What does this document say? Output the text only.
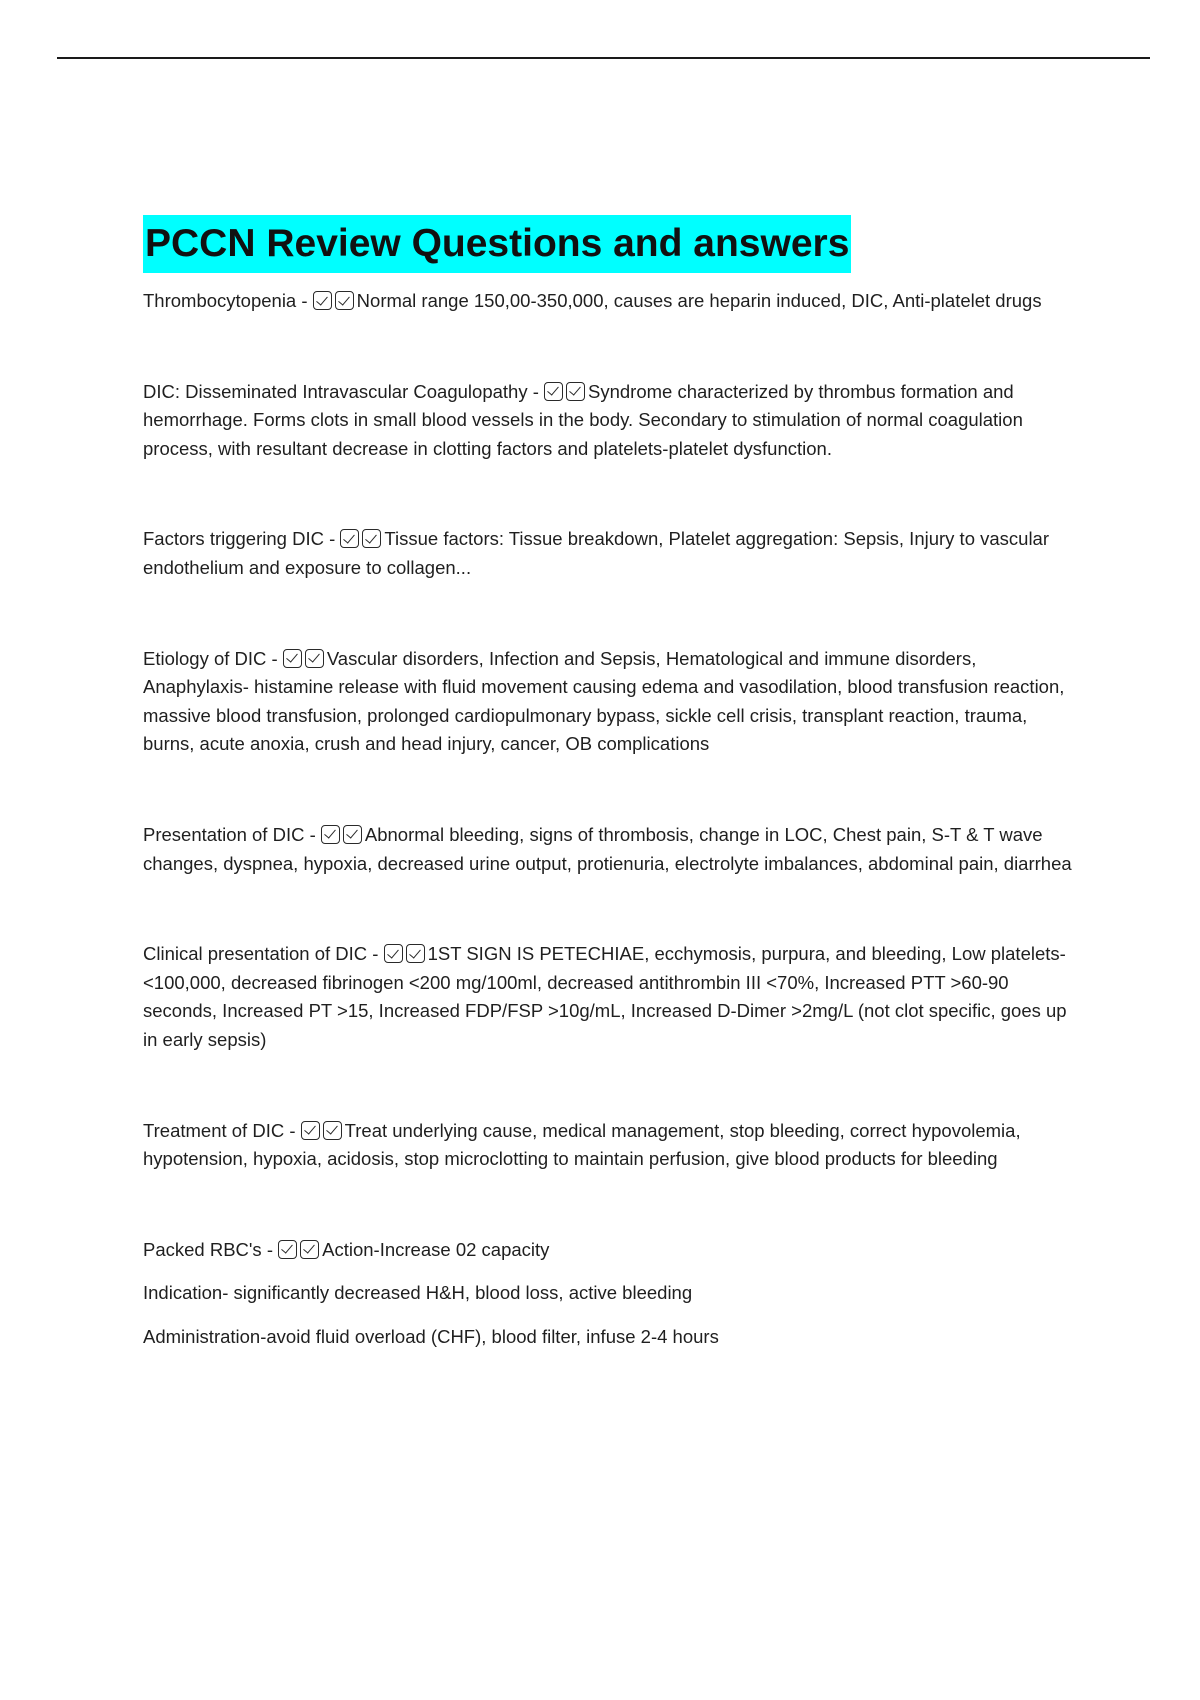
PCCN Review Questions and answers
Thrombocytopenia - Normal range 150,00-350,000, causes are heparin induced, DIC, Anti-platelet drugs
DIC: Disseminated Intravascular Coagulopathy - Syndrome characterized by thrombus formation and hemorrhage. Forms clots in small blood vessels in the body. Secondary to stimulation of normal coagulation process, with resultant decrease in clotting factors and platelets-platelet dysfunction.
Factors triggering DIC - Tissue factors: Tissue breakdown, Platelet aggregation: Sepsis, Injury to vascular endothelium and exposure to collagen...
Etiology of DIC - Vascular disorders, Infection and Sepsis, Hematological and immune disorders, Anaphylaxis- histamine release with fluid movement causing edema and vasodilation, blood transfusion reaction, massive blood transfusion, prolonged cardiopulmonary bypass, sickle cell crisis, transplant reaction, trauma, burns, acute anoxia, crush and head injury, cancer, OB complications
Presentation of DIC - Abnormal bleeding, signs of thrombosis, change in LOC, Chest pain, S-T & T wave changes, dyspnea, hypoxia, decreased urine output, protienuria, electrolyte imbalances, abdominal pain, diarrhea
Clinical presentation of DIC - 1ST SIGN IS PETECHIAE, ecchymosis, purpura, and bleeding, Low platelets- <100,000, decreased fibrinogen <200 mg/100ml, decreased antithrombin III <70%, Increased PTT >60-90 seconds, Increased PT >15, Increased FDP/FSP >10g/mL, Increased D-Dimer >2mg/L (not clot specific, goes up in early sepsis)
Treatment of DIC - Treat underlying cause, medical management, stop bleeding, correct hypovolemia, hypotension, hypoxia, acidosis, stop microclotting to maintain perfusion, give blood products for bleeding
Packed RBC's - Action-Increase 02 capacity
Indication- significantly decreased H&H, blood loss, active bleeding
Administration-avoid fluid overload (CHF), blood filter, infuse 2-4 hours
